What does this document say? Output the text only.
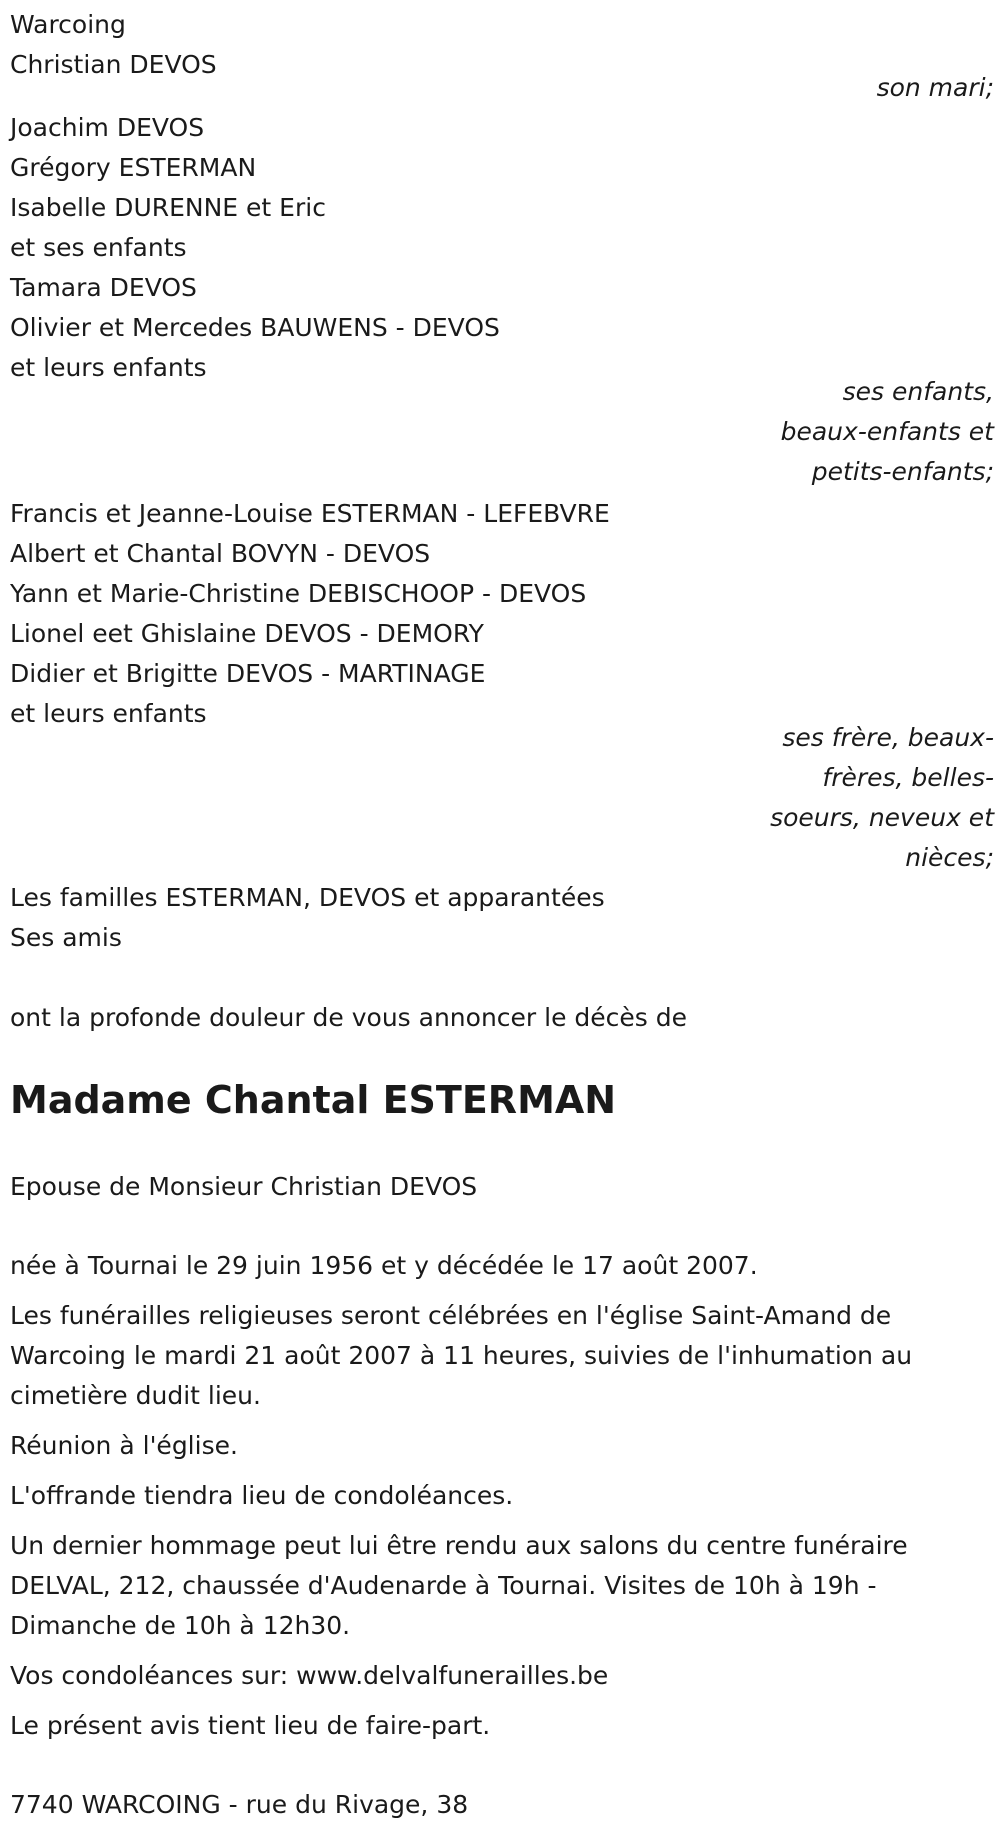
Warcoing
Christian DEVOS
son mari;
Joachim DEVOS
Grégory ESTERMAN
Isabelle DURENNE et Eric
et ses enfants
Tamara DEVOS
Olivier et Mercedes BAUWENS - DEVOS
et leurs enfants
ses enfants, beaux-enfants et petits-enfants;
Francis et Jeanne-Louise ESTERMAN - LEFEBVRE
Albert et Chantal BOVYN - DEVOS
Yann et Marie-Christine DEBISCHOOP - DEVOS
Lionel eet Ghislaine DEVOS - DEMORY
Didier et Brigitte DEVOS - MARTINAGE
et leurs enfants
ses frère, beaux-frères, belles-soeurs, neveux et nièces;
Les familles ESTERMAN, DEVOS et apparantées
Ses amis
ont la profonde douleur de vous annoncer le décès de
Madame Chantal ESTERMAN
Epouse de Monsieur Christian DEVOS
née à Tournai le 29 juin 1956 et y décédée le 17 août 2007.
Les funérailles religieuses seront célébrées en l'église Saint-Amand de Warcoing le mardi 21 août 2007 à 11 heures, suivies de l'inhumation au cimetière dudit lieu.
Réunion à l'église.
L'offrande tiendra lieu de condoléances.
Un dernier hommage peut lui être rendu aux salons du centre funéraire DELVAL, 212, chaussée d'Audenarde à Tournai. Visites de 10h à 19h - Dimanche de 10h à 12h30.
Vos condoléances sur: www.delvalfunerailles.be
Le présent avis tient lieu de faire-part.
7740 WARCOING - rue du Rivage, 38
